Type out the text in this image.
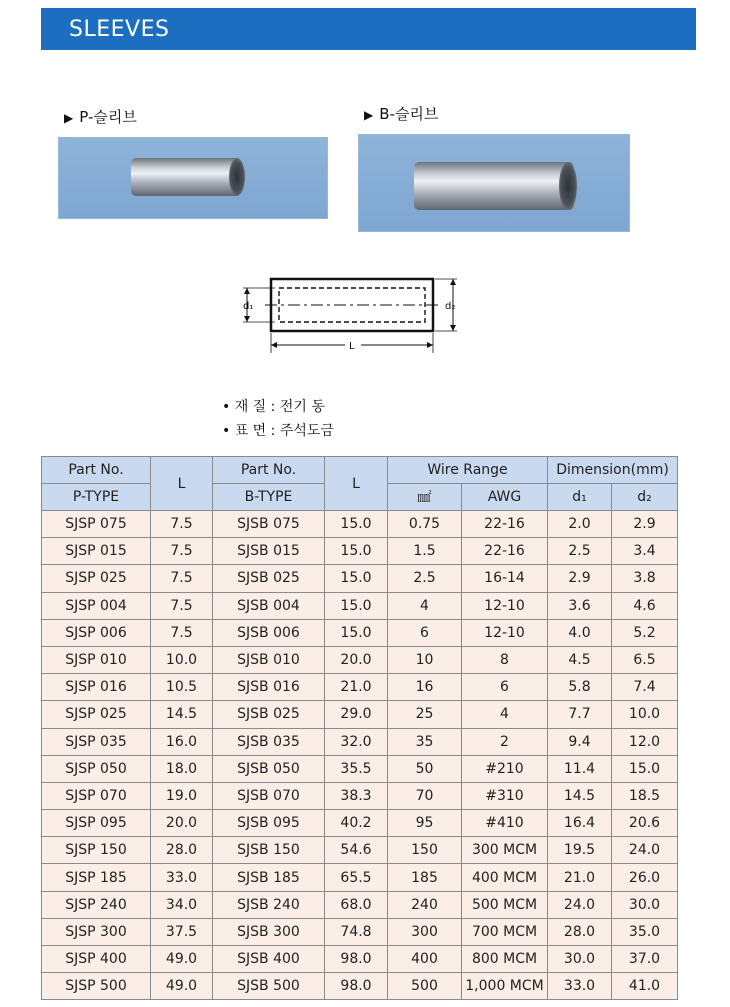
SLEEVES
▶ P-슬리브	▶ B-슬리브
d₁	d₂
L
• 재 질 : 전기 동
• 표 면 : 주석도금
Part No.	L	Part No.	L	Wire Range		Dimension(mm)	
P-TYPE		B-TYPE		㎟	AWG	d₁	d₂
SJSP 075	7.5	SJSB 075	15.0	0.75	22-16	2.0	2.9
SJSP 015	7.5	SJSB 015	15.0	1.5	22-16	2.5	3.4
SJSP 025	7.5	SJSB 025	15.0	2.5	16-14	2.9	3.8
SJSP 004	7.5	SJSB 004	15.0	4	12-10	3.6	4.6
SJSP 006	7.5	SJSB 006	15.0	6	12-10	4.0	5.2
SJSP 010	10.0	SJSB 010	20.0	10	8	4.5	6.5
SJSP 016	10.5	SJSB 016	21.0	16	6	5.8	7.4
SJSP 025	14.5	SJSB 025	29.0	25	4	7.7	10.0
SJSP 035	16.0	SJSB 035	32.0	35	2	9.4	12.0
SJSP 050	18.0	SJSB 050	35.5	50	#210	11.4	15.0
SJSP 070	19.0	SJSB 070	38.3	70	#310	14.5	18.5
SJSP 095	20.0	SJSB 095	40.2	95	#410	16.4	20.6
SJSP 150	28.0	SJSB 150	54.6	150	300 MCM	19.5	24.0
SJSP 185	33.0	SJSB 185	65.5	185	400 MCM	21.0	26.0
SJSP 240	34.0	SJSB 240	68.0	240	500 MCM	24.0	30.0
SJSP 300	37.5	SJSB 300	74.8	300	700 MCM	28.0	35.0
SJSP 400	49.0	SJSB 400	98.0	400	800 MCM	30.0	37.0
SJSP 500	49.0	SJSB 500	98.0	500	1,000 MCM	33.0	41.0
